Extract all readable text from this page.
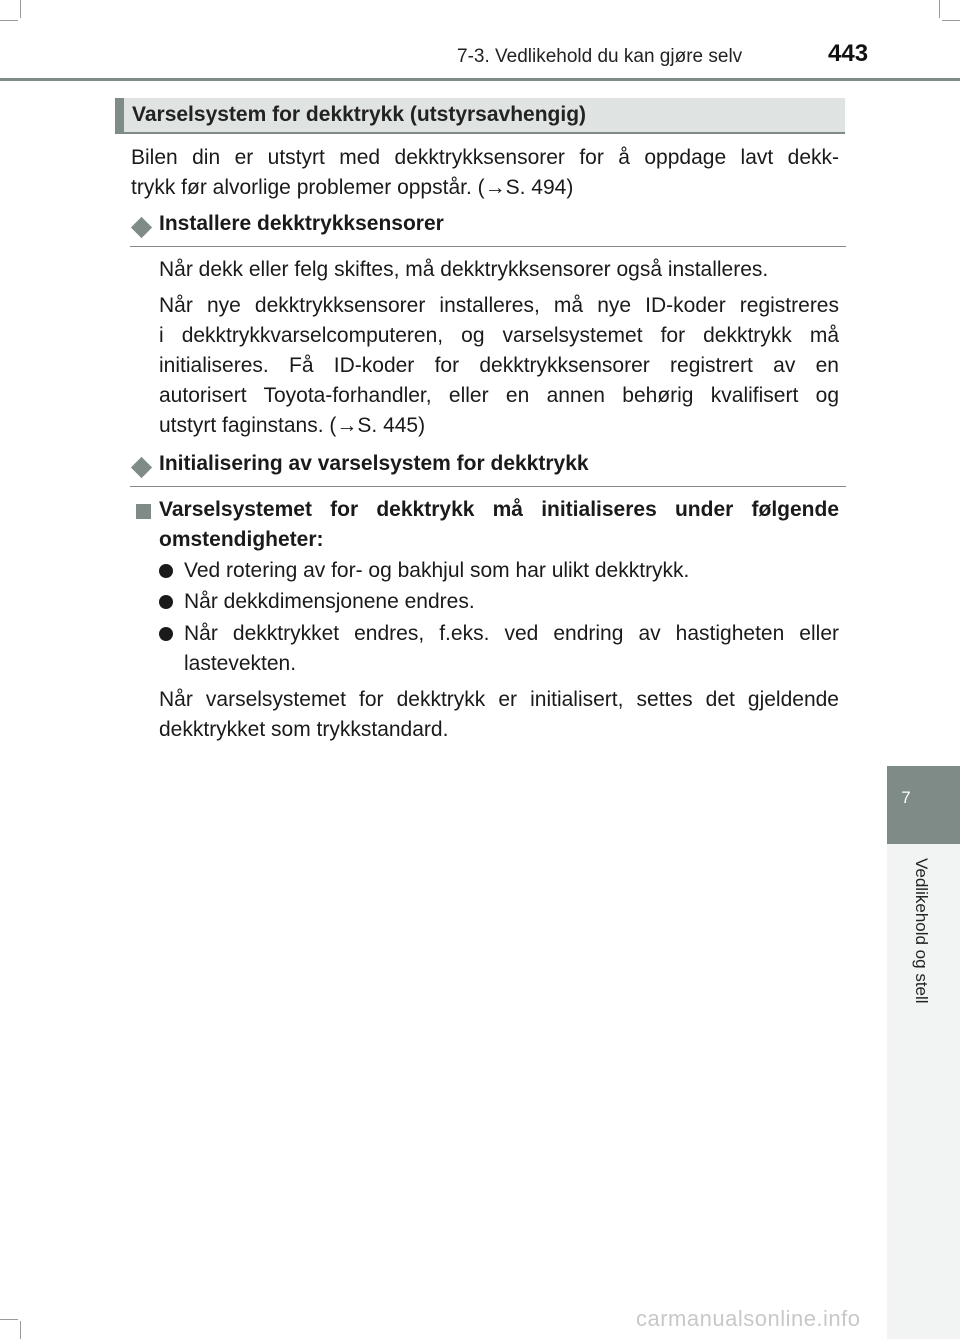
7-3. Vedlikehold du kan gjøre selv	443
Varselsystem for dekktrykk (utstyrsavhengig)
Bilen din er utstyrt med dekktrykksensorer for å oppdage lavt dekk-
trykk før alvorlige problemer oppstår. (→S. 494)
Installere dekktrykksensorer
Når dekk eller felg skiftes, må dekktrykksensorer også installeres.
Når nye dekktrykksensorer installeres, må nye ID-koder registreres
i dekktrykkvarselcomputeren, og varselsystemet for dekktrykk må
initialiseres. Få ID-koder for dekktrykksensorer registrert av en
autorisert Toyota-forhandler, eller en annen behørig kvalifisert og
utstyrt faginstans. (→S. 445)
Initialisering av varselsystem for dekktrykk
Varselsystemet for dekktrykk må initialiseres under følgende
omstendigheter:
Ved rotering av for- og bakhjul som har ulikt dekktrykk.
Når dekkdimensjonene endres.
Når dekktrykket endres, f.eks. ved endring av hastigheten eller
lastevekten.
Når varselsystemet for dekktrykk er initialisert, settes det gjeldende
dekktrykket som trykkstandard.
7
Vedlikehold og stell
carmanualsonline.info
